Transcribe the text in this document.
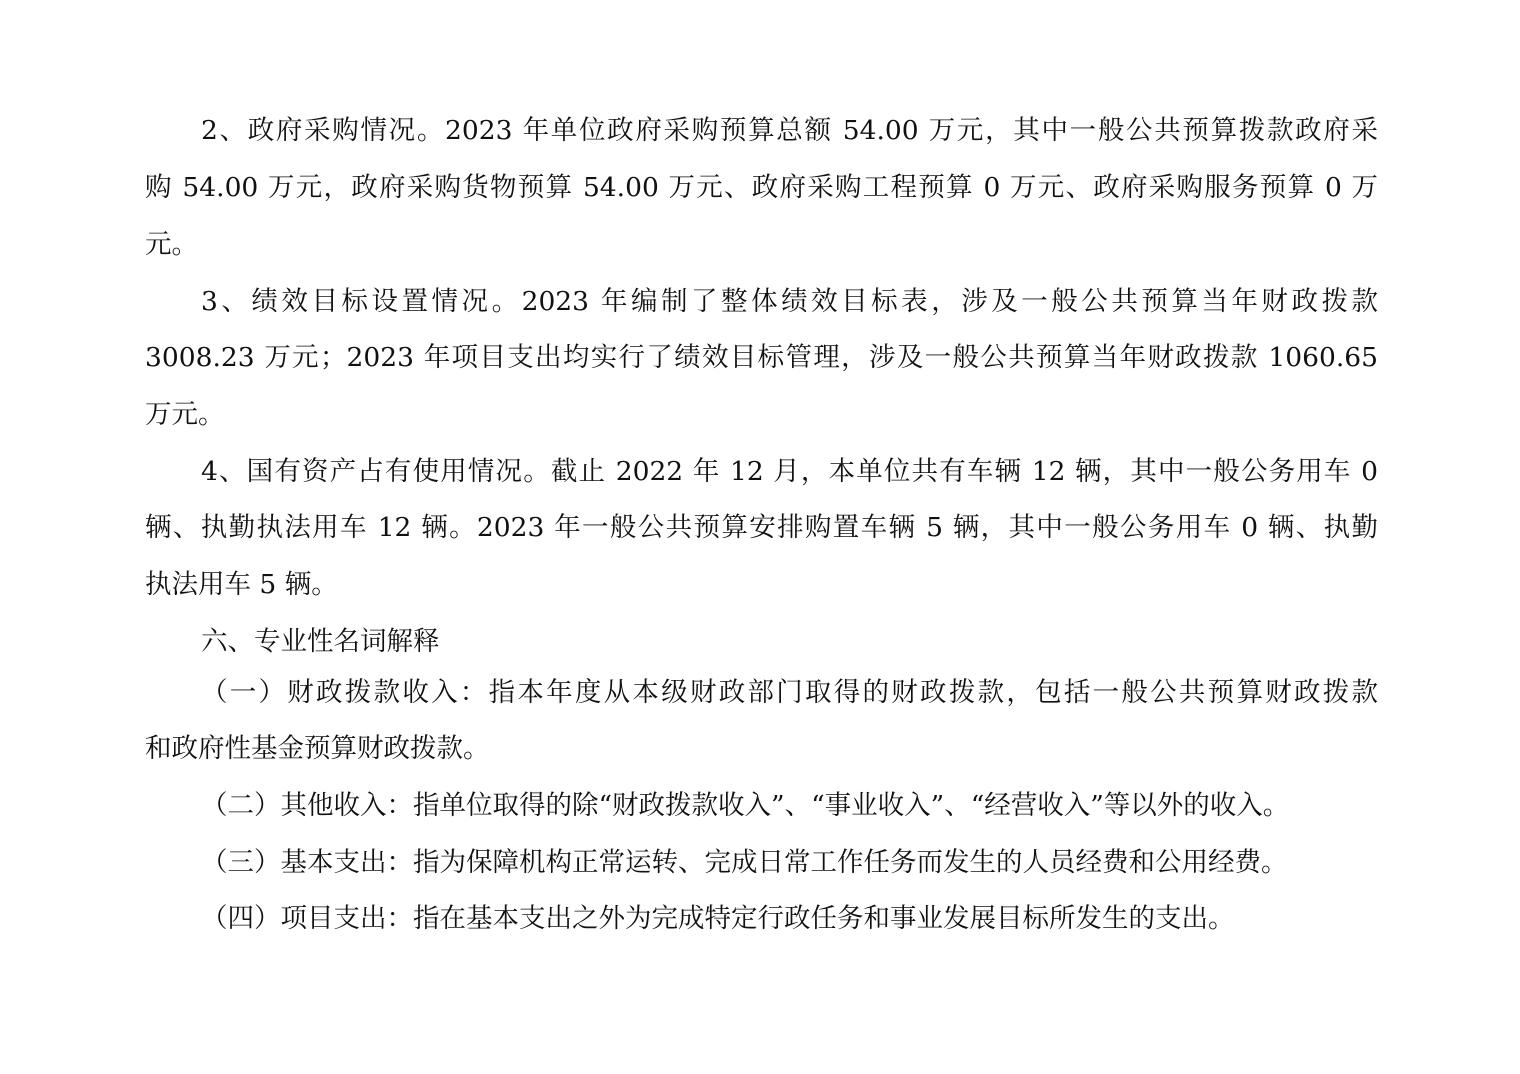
2、政府采购情况。2023 年单位政府采购预算总额 54.00 万元，其中一般公共预算拨款政府采
购 54.00 万元，政府采购货物预算 54.00 万元、政府采购工程预算 0 万元、政府采购服务预算 0 万
元。
3、绩效目标设置情况。2023 年编制了整体绩效目标表，涉及一般公共预算当年财政拨款
3008.23 万元；2023 年项目支出均实行了绩效目标管理，涉及一般公共预算当年财政拨款 1060.65
万元。
4、国有资产占有使用情况。截止 2022 年 12 月，本单位共有车辆 12 辆，其中一般公务用车 0
辆、执勤执法用车 12 辆。2023 年一般公共预算安排购置车辆 5 辆，其中一般公务用车 0 辆、执勤
执法用车 5 辆。
六、专业性名词解释
（一）财政拨款收入：指本年度从本级财政部门取得的财政拨款，包括一般公共预算财政拨款
和政府性基金预算财政拨款。
（二）其他收入：指单位取得的除“财政拨款收入”、“事业收入”、“经营收入”等以外的收入。
（三）基本支出：指为保障机构正常运转、完成日常工作任务而发生的人员经费和公用经费。
（四）项目支出：指在基本支出之外为完成特定行政任务和事业发展目标所发生的支出。
